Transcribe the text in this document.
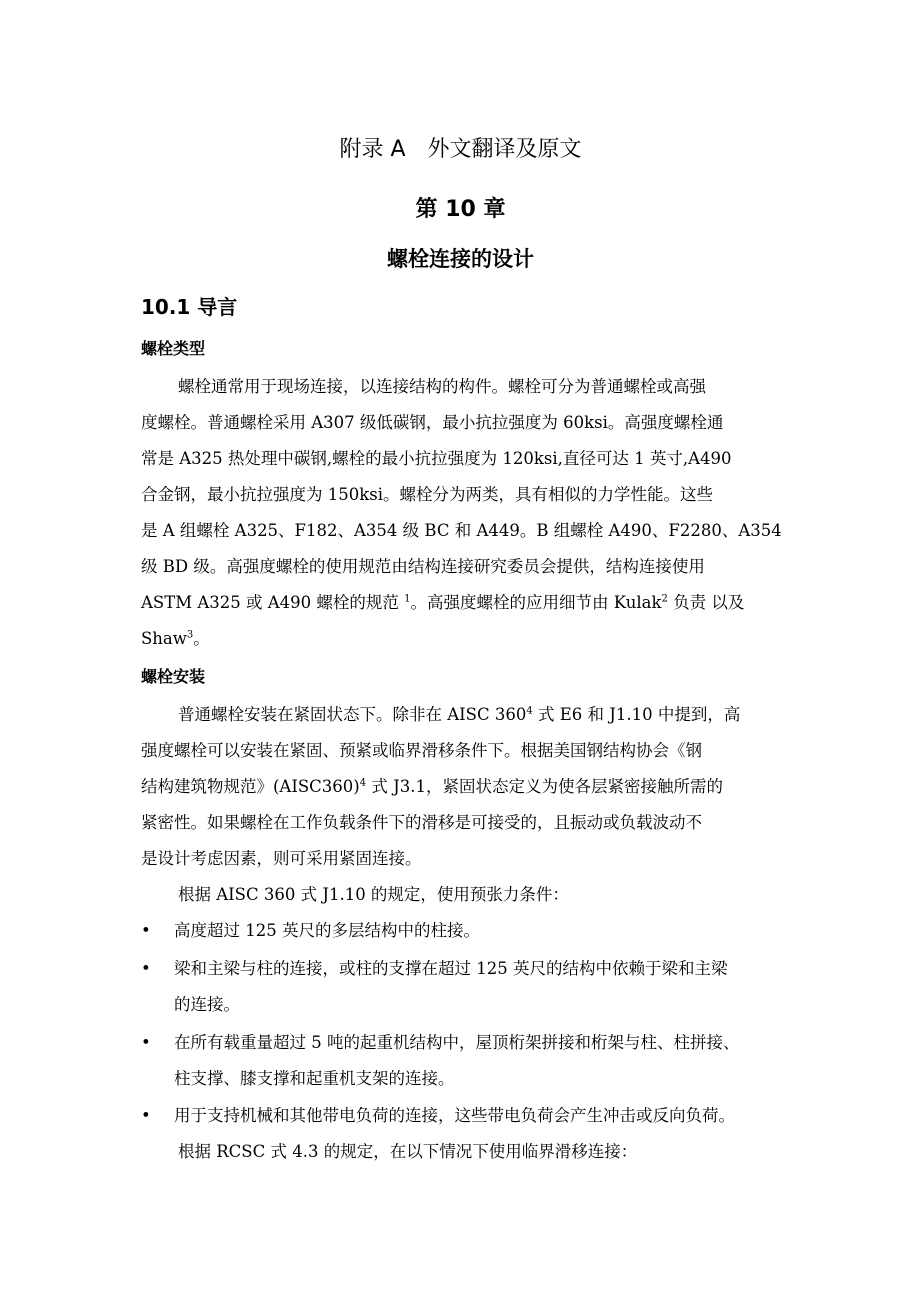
附录 A　外文翻译及原文
第 10 章
螺栓连接的设计
10.1 导言
螺栓类型
螺栓通常用于现场连接，以连接结构的构件。螺栓可分为普通螺栓或高强
度螺栓。普通螺栓采用 A307 级低碳钢，最小抗拉强度为 60ksi。高强度螺栓通
常是 A325 热处理中碳钢,螺栓的最小抗拉强度为 120ksi,直径可达 1 英寸,A490
合金钢，最小抗拉强度为 150ksi。螺栓分为两类，具有相似的力学性能。这些
是 A 组螺栓 A325、F182、A354 级 BC 和 A449。B 组螺栓 A490、F2280、A354
级 BD 级。高强度螺栓的使用规范由结构连接研究委员会提供，结构连接使用
ASTM A325 或 A490 螺栓的规范 $^1$。高强度螺栓的应用细节由 Kulak$^2$ 负责 以及
Shaw$^3$。
螺栓安装
普通螺栓安装在紧固状态下。除非在 AISC $360^4$ 式 E6 和 J1.10 中提到，高
强度螺栓可以安装在紧固、预紧或临界滑移条件下。根据美国钢结构协会《钢
结构建筑物规范》(AISC360)$^4$ 式 J3.1，紧固状态定义为使各层紧密接触所需的
紧密性。如果螺栓在工作负载条件下的滑移是可接受的，且振动或负载波动不
是设计考虑因素，则可采用紧固连接。
根据 AISC 360 式 J1.10 的规定，使用预张力条件：
•	高度超过 125 英尺的多层结构中的柱接。
•	梁和主梁与柱的连接，或柱的支撑在超过 125 英尺的结构中依赖于梁和主梁
的连接。
•	在所有载重量超过 5 吨的起重机结构中，屋顶桁架拼接和桁架与柱、柱拼接、
柱支撑、膝支撑和起重机支架的连接。
•	用于支持机械和其他带电负荷的连接，这些带电负荷会产生冲击或反向负荷。
根据 RCSC 式 4.3 的规定，在以下情况下使用临界滑移连接：
